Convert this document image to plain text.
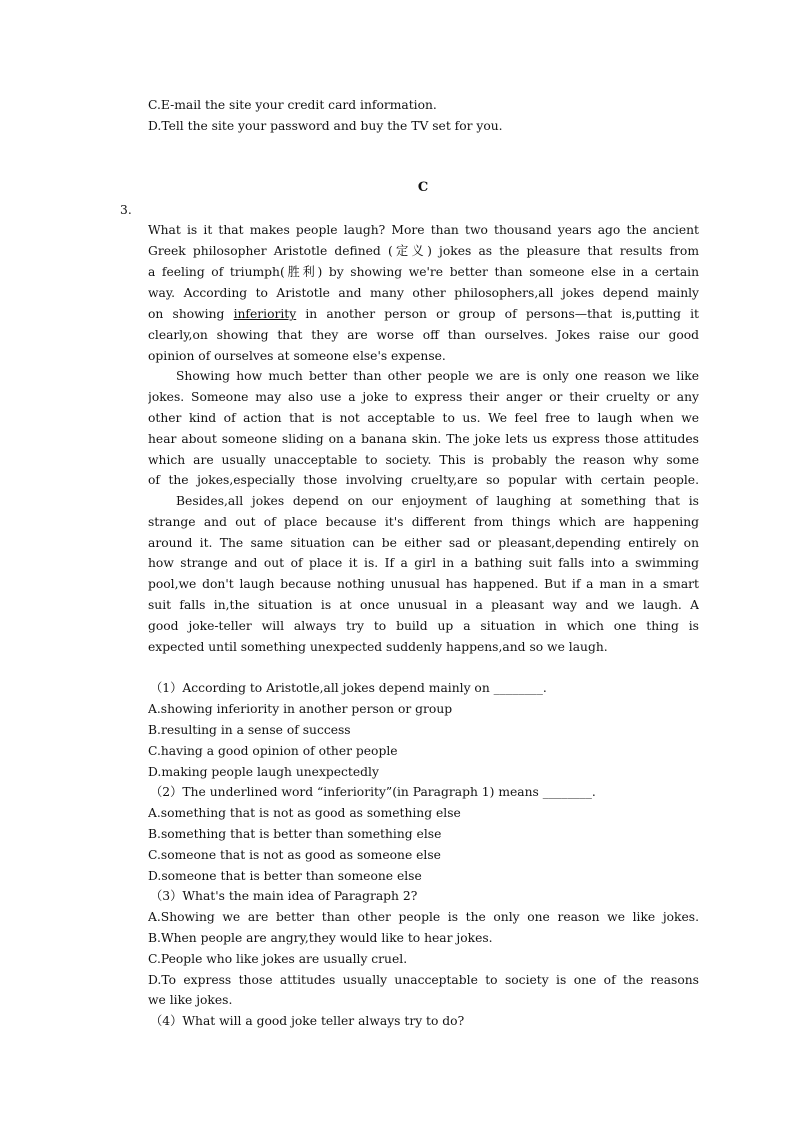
C.E-mail the site your credit card information.
D.Tell the site your password and buy the TV set for you.
C
3.
What is it that makes people laugh? More than two thousand years ago the ancient
Greek philosopher Aristotle defined (定义) jokes as the pleasure that results from
a feeling of triumph(胜利) by showing we're better than someone else in a certain
way. According to Aristotle and many other philosophers,all jokes depend mainly
on showing inferiority in another person or group of persons—that is,putting it
clearly,on showing that they are worse off than ourselves. Jokes raise our good
opinion of ourselves at someone else's expense.
Showing how much better than other people we are is only one reason we like
jokes. Someone may also use a joke to express their anger or their cruelty or any
other kind of action that is not acceptable to us. We feel free to laugh when we
hear about someone sliding on a banana skin. The joke lets us express those attitudes
which are usually unacceptable to society. This is probably the reason why some
of the jokes,especially those involving cruelty,are so popular with certain people.
Besides,all jokes depend on our enjoyment of laughing at something that is
strange and out of place because it's different from things which are happening
around it. The same situation can be either sad or pleasant,depending entirely on
how strange and out of place it is. If a girl in a bathing suit falls into a swimming
pool,we don't laugh because nothing unusual has happened. But if a man in a smart
suit falls in,the situation is at once unusual in a pleasant way and we laugh. A
good joke-teller will always try to build up a situation in which one thing is
expected until something unexpected suddenly happens,and so we laugh.
（1）According to Aristotle,all jokes depend mainly on ________.
A.showing inferiority in another person or group
B.resulting in a sense of success
C.having a good opinion of other people
D.making people laugh unexpectedly
（2）The underlined word “inferiority”(in Paragraph 1) means ________.
A.something that is not as good as something else
B.something that is better than something else
C.someone that is not as good as someone else
D.someone that is better than someone else
（3）What's the main idea of Paragraph 2?
A.Showing we are better than other people is the only one reason we like jokes.
B.When people are angry,they would like to hear jokes.
C.People who like jokes are usually cruel.
D.To express those attitudes usually unacceptable to society is one of the reasons
we like jokes.
（4）What will a good joke teller always try to do?
